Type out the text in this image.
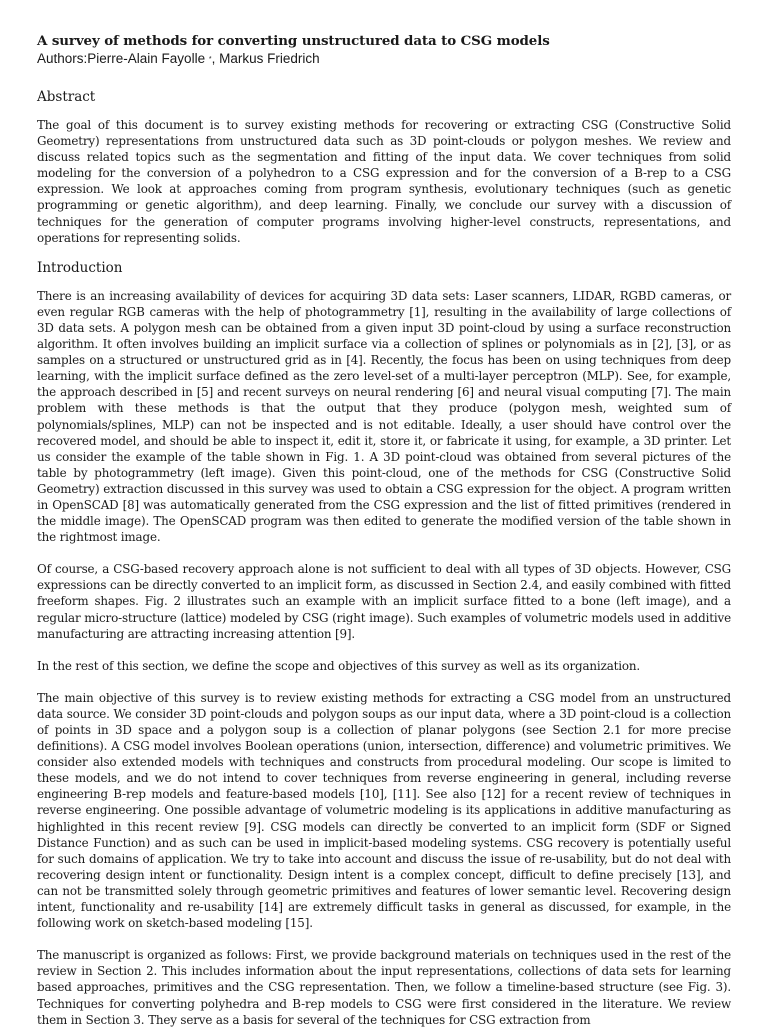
A survey of methods for converting unstructured data to CSG models

Authors:Pierre-Alain Fayolle *, Markus Friedrich

Abstract

The goal of this document is to survey existing methods for recovering or extracting CSG (Constructive Solid Geometry) representations from unstructured data such as 3D point-clouds or polygon meshes. We review and discuss related topics such as the segmentation and fitting of the input data. We cover techniques from solid modeling for the conversion of a polyhedron to a CSG expression and for the conversion of a B-rep to a CSG expression. We look at approaches coming from program synthesis, evolutionary techniques (such as genetic programming or genetic algorithm), and deep learning. Finally, we conclude our survey with a discussion of techniques for the generation of computer programs involving higher-level constructs, representations, and operations for representing solids.

Introduction

There is an increasing availability of devices for acquiring 3D data sets: Laser scanners, LIDAR, RGBD cameras, or even regular RGB cameras with the help of photogrammetry [1], resulting in the availability of large collections of 3D data sets. A polygon mesh can be obtained from a given input 3D point-cloud by using a surface reconstruction algorithm. It often involves building an implicit surface via a collection of splines or polynomials as in [2], [3], or as samples on a structured or unstructured grid as in [4]. Recently, the focus has been on using techniques from deep learning, with the implicit surface defined as the zero level-set of a multi-layer perceptron (MLP). See, for example, the approach described in [5] and recent surveys on neural rendering [6] and neural visual computing [7]. The main problem with these methods is that the output that they produce (polygon mesh, weighted sum of polynomials/splines, MLP) can not be inspected and is not editable. Ideally, a user should have control over the recovered model, and should be able to inspect it, edit it, store it, or fabricate it using, for example, a 3D printer. Let us consider the example of the table shown in Fig. 1. A 3D point-cloud was obtained from several pictures of the table by photogrammetry (left image). Given this point-cloud, one of the methods for CSG (Constructive Solid Geometry) extraction discussed in this survey was used to obtain a CSG expression for the object. A program written in OpenSCAD [8] was automatically generated from the CSG expression and the list of fitted primitives (rendered in the middle image). The OpenSCAD program was then edited to generate the modified version of the table shown in the rightmost image.

Of course, a CSG-based recovery approach alone is not sufficient to deal with all types of 3D objects. However, CSG expressions can be directly converted to an implicit form, as discussed in Section 2.4, and easily combined with fitted freeform shapes. Fig. 2 illustrates such an example with an implicit surface fitted to a bone (left image), and a regular micro-structure (lattice) modeled by CSG (right image). Such examples of volumetric models used in additive manufacturing are attracting increasing attention [9].

In the rest of this section, we define the scope and objectives of this survey as well as its organization.

The main objective of this survey is to review existing methods for extracting a CSG model from an unstructured data source. We consider 3D point-clouds and polygon soups as our input data, where a 3D point-cloud is a collection of points in 3D space and a polygon soup is a collection of planar polygons (see Section 2.1 for more precise definitions). A CSG model involves Boolean operations (union, intersection, difference) and volumetric primitives. We consider also extended models with techniques and constructs from procedural modeling. Our scope is limited to these models, and we do not intend to cover techniques from reverse engineering in general, including reverse engineering B-rep models and feature-based models [10], [11]. See also [12] for a recent review of techniques in reverse engineering. One possible advantage of volumetric modeling is its applications in additive manufacturing as highlighted in this recent review [9]. CSG models can directly be converted to an implicit form (SDF or Signed Distance Function) and as such can be used in implicit-based modeling systems. CSG recovery is potentially useful for such domains of application. We try to take into account and discuss the issue of re-usability, but do not deal with recovering design intent or functionality. Design intent is a complex concept, difficult to define precisely [13], and can not be transmitted solely through geometric primitives and features of lower semantic level. Recovering design intent, functionality and re-usability [14] are extremely difficult tasks in general as discussed, for example, in the following work on sketch-based modeling [15].

The manuscript is organized as follows: First, we provide background materials on techniques used in the rest of the review in Section 2. This includes information about the input representations, collections of data sets for learning based approaches, primitives and the CSG representation. Then, we follow a timeline-based structure (see Fig. 3). Techniques for converting polyhedra and B-rep models to CSG were first considered in the literature. We review them in Section 3. They serve as a basis for several of the techniques for CSG extraction from
